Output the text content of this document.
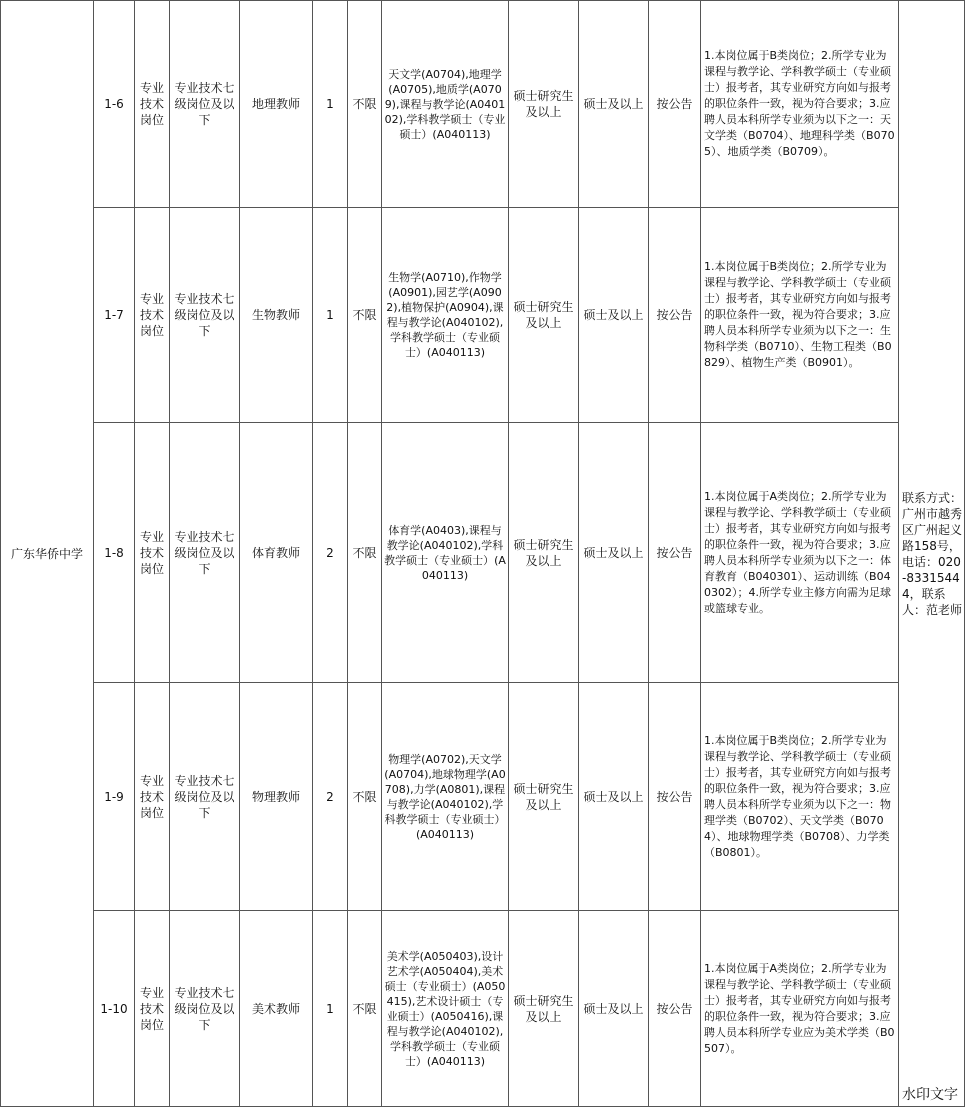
广东华侨中学	1-6	专业技术岗位	专业技术七级岗位及以下	地理教师	1	不限	天文学(A0704),地理学(A0705),地质学(A0709),课程与教学论(A040102),学科教学硕士（专业硕士）(A040113)	硕士研究生及以上	硕士及以上	按公告	1.本岗位属于B类岗位；2.所学专业为课程与教学论、学科教学硕士（专业硕士）报考者，其专业研究方向如与报考的职位条件一致，视为符合要求；3.应聘人员本科所学专业须为以下之一：天文学类（B0704）、地理科学类（B0705）、地质学类（B0709）。	联系方式：广州市越秀区广州起义路158号，电话：020-83315444，联系人：范老师
	1-7	专业技术岗位	专业技术七级岗位及以下	生物教师	1	不限	生物学(A0710),作物学(A0901),园艺学(A0902),植物保护(A0904),课程与教学论(A040102),学科教学硕士（专业硕士）(A040113)	硕士研究生及以上	硕士及以上	按公告	1.本岗位属于B类岗位；2.所学专业为课程与教学论、学科教学硕士（专业硕士）报考者，其专业研究方向如与报考的职位条件一致，视为符合要求；3.应聘人员本科所学专业须为以下之一：生物科学类（B0710）、生物工程类（B0829）、植物生产类（B0901）。	
	1-8	专业技术岗位	专业技术七级岗位及以下	体育教师	2	不限	体育学(A0403),课程与教学论(A040102),学科教学硕士（专业硕士）(A040113)	硕士研究生及以上	硕士及以上	按公告	1.本岗位属于A类岗位；2.所学专业为课程与教学论、学科教学硕士（专业硕士）报考者，其专业研究方向如与报考的职位条件一致，视为符合要求；3.应聘人员本科所学专业须为以下之一：体育教育（B040301）、运动训练（B040302）；4.所学专业主修方向需为足球或篮球专业。	
	1-9	专业技术岗位	专业技术七级岗位及以下	物理教师	2	不限	物理学(A0702),天文学(A0704),地球物理学(A0708),力学(A0801),课程与教学论(A040102),学科教学硕士（专业硕士）(A040113)	硕士研究生及以上	硕士及以上	按公告	1.本岗位属于B类岗位；2.所学专业为课程与教学论、学科教学硕士（专业硕士）报考者，其专业研究方向如与报考的职位条件一致，视为符合要求；3.应聘人员本科所学专业须为以下之一：物理学类（B0702）、天文学类（B0704）、地球物理学类（B0708）、力学类（B0801）。	
	1-10	专业技术岗位	专业技术七级岗位及以下	美术教师	1	不限	美术学(A050403),设计艺术学(A050404),美术硕士（专业硕士）(A050415),艺术设计硕士（专业硕士）(A050416),课程与教学论(A040102),学科教学硕士（专业硕士）(A040113)	硕士研究生及以上	硕士及以上	按公告	1.本岗位属于A类岗位；2.所学专业为课程与教学论、学科教学硕士（专业硕士）报考者，其专业研究方向如与报考的职位条件一致，视为符合要求；3.应聘人员本科所学专业应为美术学类（B0507）。	
水印文字
